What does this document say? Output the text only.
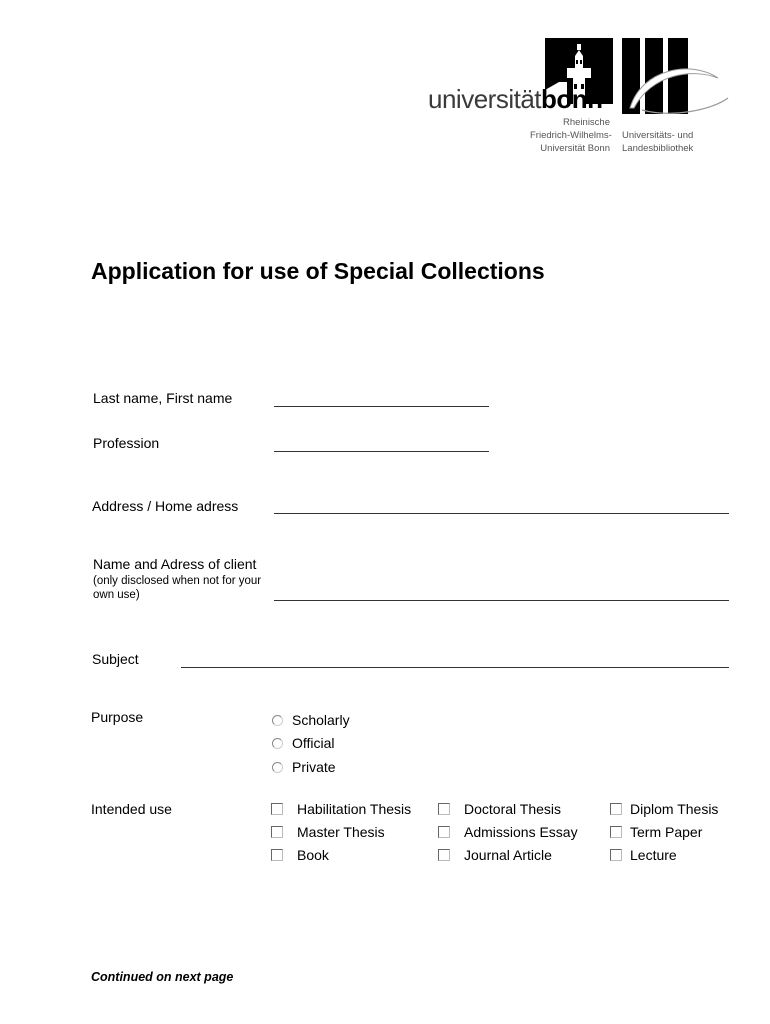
universitätbonn
Rheinische
Friedrich-Wilhelms-
Universität Bonn
Universitäts- und
Landesbibliothek
Application for use of Special Collections
Last name, First name
Profession
Address / Home adress
Name and Adress of client
(only disclosed when not for your own use)
Subject
Purpose	Scholarly
Official
Private
Intended use	Habilitation Thesis	Doctoral Thesis	Diplom Thesis
Master Thesis	Admissions Essay	Term Paper
Book	Journal Article	Lecture
Continued on next page
